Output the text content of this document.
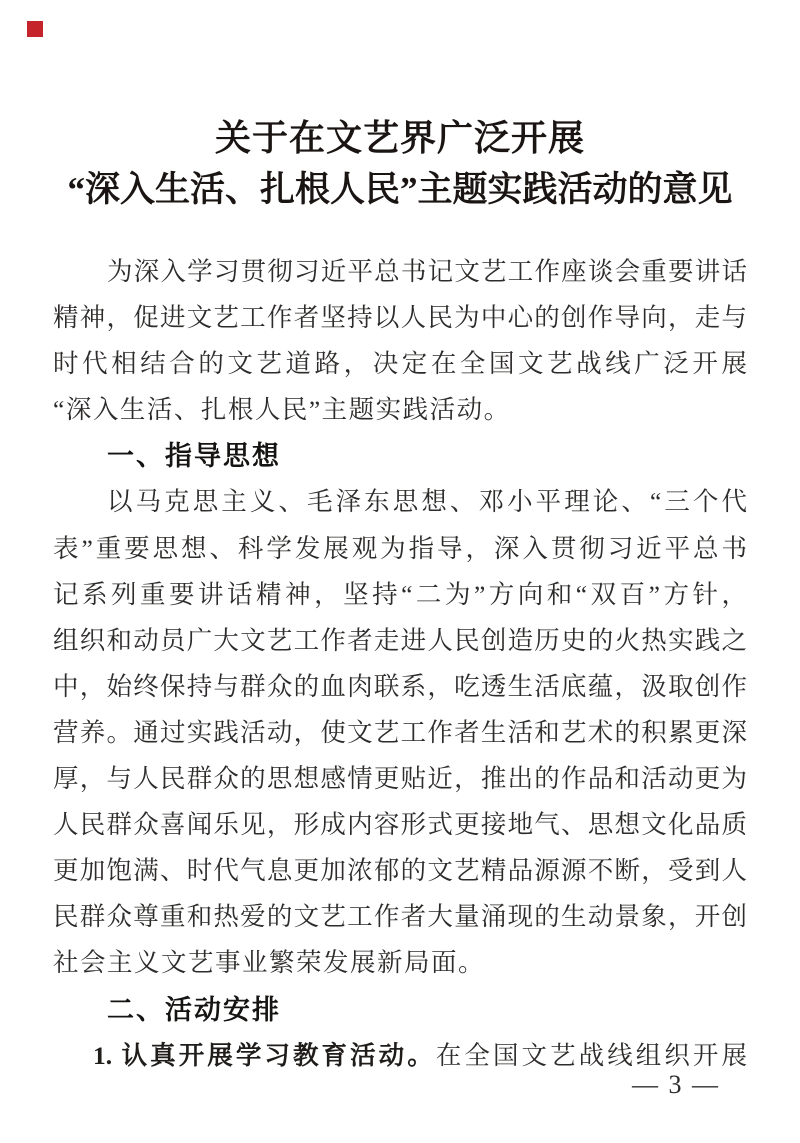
关于在文艺界广泛开展
“深入生活、扎根人民”主题实践活动的意见
为深入学习贯彻习近平总书记文艺工作座谈会重要讲话
精神，促进文艺工作者坚持以人民为中心的创作导向，走与
时代相结合的文艺道路，决定在全国文艺战线广泛开展
“深入生活、扎根人民”主题实践活动。
一、指导思想
以马克思主义、毛泽东思想、邓小平理论、“三个代
表”重要思想、科学发展观为指导，深入贯彻习近平总书
记系列重要讲话精神，坚持“二为”方向和“双百”方针，
组织和动员广大文艺工作者走进人民创造历史的火热实践之
中，始终保持与群众的血肉联系，吃透生活底蕴，汲取创作
营养。通过实践活动，使文艺工作者生活和艺术的积累更深
厚，与人民群众的思想感情更贴近，推出的作品和活动更为
人民群众喜闻乐见，形成内容形式更接地气、思想文化品质
更加饱满、时代气息更加浓郁的文艺精品源源不断，受到人
民群众尊重和热爱的文艺工作者大量涌现的生动景象，开创
社会主义文艺事业繁荣发展新局面。
二、活动安排
1. 认真开展学习教育活动。在全国文艺战线组织开展
— 3 —
